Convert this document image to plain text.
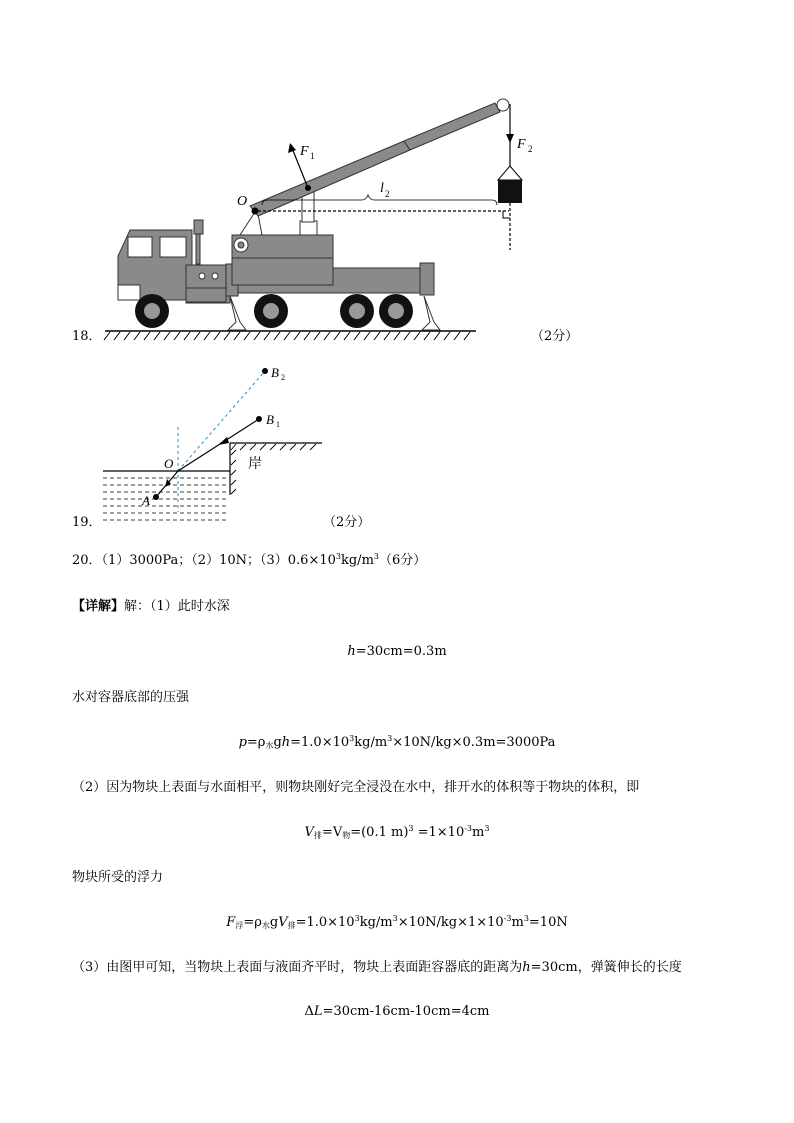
O
F 1
F 2
l 2
18．	（2分）
B 2
B 1
O
A
岸
19．	（2分）
20．（1）3000Pa；（2）10N；$(3)0.6\times 10^3kg/m^3(6$分）
【详解】解：（1）此时水深
h=30cm=0.3m
水对容器底部的压强
$p=\rho_水gh=1.0\times 10^3kg/m^3\times 10N/kg\times 0.3m=3000Pa$
（2）因为物块上表面与水面相平，则物块刚好完全浸没在水中，排开水的体积等于物块的体积，即
$V_排=V_物=(0.1$ $m)^3 =1\times 10^{-3}m^3$
物块所受的浮力
$F_浮=\rho_水gV_排=1.0\times 10^3kg/m^3\times 10N/kg\times 1\times 10^{-3}m^3=10N$
（3）由图甲可知，当物块上表面与液面齐平时，物块上表面距容器底的距离为h=30cm，弹簧伸长的长度
ΔL=30cm-16cm-10cm=4cm
